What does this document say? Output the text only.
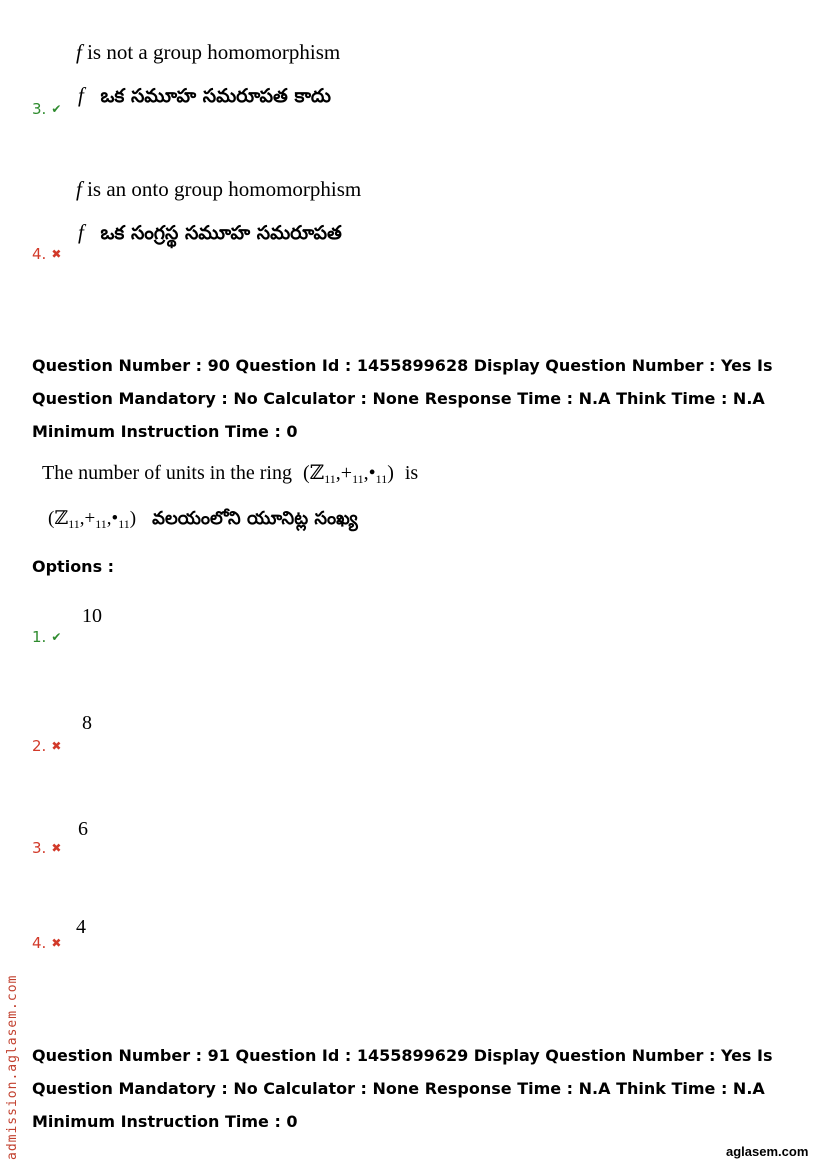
f is not a group homomorphism
3. ✔
f ఒక సమూహ సమరూపత కాదు
f is an onto group homomorphism
4. ✖
f ఒక సంగ్రస్థ సమూహ సమరూపత
Question Number : 90 Question Id : 1455899628 Display Question Number : Yes Is Question Mandatory : No Calculator : None Response Time : N.A Think Time : N.A Minimum Instruction Time : 0
The number of units in the ring $(ℤ_{11},+_{11},•_{11})$ is
$(ℤ_{11},+_{11},•_{11})$ వలయంలోని యూనిట్ల సంఖ్య
Options :
10
1. ✔
8
2. ✖
6
3. ✖
4
4. ✖
Question Number : 91 Question Id : 1455899629 Display Question Number : Yes Is Question Mandatory : No Calculator : None Response Time : N.A Think Time : N.A Minimum Instruction Time : 0
admission.aglasem.com	aglasem.com
